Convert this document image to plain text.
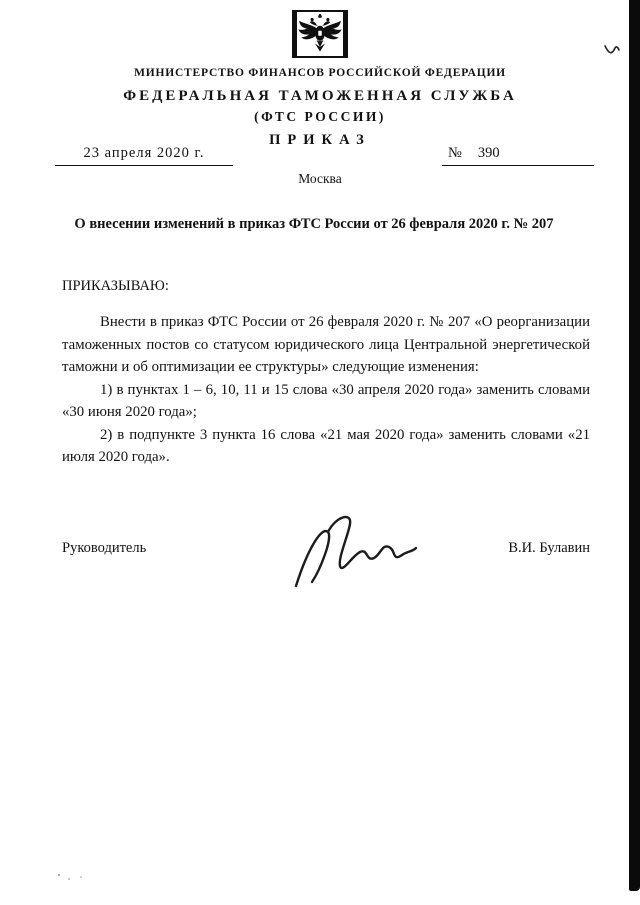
МИНИСТЕРСТВО ФИНАНСОВ РОССИЙСКОЙ ФЕДЕРАЦИИ
ФЕДЕРАЛЬНАЯ ТАМОЖЕННАЯ СЛУЖБА
(ФТС РОССИИ)
ПРИКАЗ
23 апреля 2020 г.	№ 390
Москва
О внесении изменений в приказ ФТС России от 26 февраля 2020 г. № 207
ПРИКАЗЫВАЮ:

Внести в приказ ФТС России от 26 февраля 2020 г. № 207 «О реорганизации таможенных постов со статусом юридического лица Центральной энергетической таможни и об оптимизации ее структуры» следующие изменения:

1) в пунктах 1 – 6, 10, 11 и 15 слова «30 апреля 2020 года» заменить словами «30 июня 2020 года»;

2) в подпункте 3 пункта 16 слова «21 мая 2020 года» заменить словами «21 июля 2020 года».

Руководитель	В.И. Булавин
